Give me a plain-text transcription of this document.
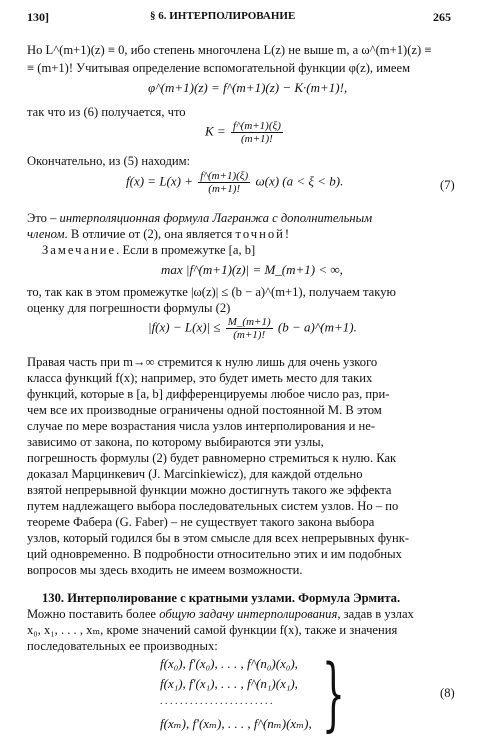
130]	§ 6. ИНТЕРПОЛИРОВАНИЕ	265
Но L^(m+1)(z) ≡ 0, ибо степень многочлена L(z) не выше m, а ω^(m+1)(z) ≡
≡ (m+1)! Учитывая определение вспомогательной функции φ(z), имеем
φ^(m+1)(z) = f^(m+1)(z) − K·(m+1)!,
так что из (6) получается, что
$K = \frac{f\^{}(m+1)(\xi)}{(m+1)!}$
Окончательно, из (5) находим:
$f(x) = L(x) + \frac{f\^{}(m+1)(\xi)}{(m+1)!} \omega(x) (a < \xi < b)$.	(7)
Это – интерполяционная формула Лагранжа с дополнительным
членом. В отличие от (2), она является точной!
Замечание. Если в промежутке [a, b]
max |f^(m+1)(z)| = M_(m+1) < ∞,
то, так как в этом промежутке |ω(z)| ≤ (b − a)^(m+1), получаем такую
оценку для погрешности формулы (2)
$|f(x) - L(x)| \le \frac{M\_(m+1)}{(m+1)!} (b$ − a)^(m+1).
Правая часть при m→∞ стремится к нулю лишь для очень узкого
класса функций f(x); например, это будет иметь место для таких
функций, которые в [a, b] дифференцируемы любое число раз, при-
чем все их производные ограничены одной постоянной M. В этом
случае по мере возрастания числа узлов интерполирования и не-
зависимо от закона, по которому выбираются эти узлы,
погрешность формулы (2) будет равномерно стремиться к нулю. Как
доказал Марцинкевич (J. Marcinkiewicz), для каждой отдельно
взятой непрерывной функции можно достигнуть такого же эффекта
путем надлежащего выбора последовательных систем узлов. Но – по
теореме Фабера (G. Faber) – не существует такого закона выбора
узлов, который годился бы в этом смысле для всех непрерывных функ-
ций одновременно. В подробности относительно этих и им подобных
вопросов мы здесь входить не имеем возможности.
130. Интерполирование с кратными узлами. Формула Эрмита.
Можно поставить более общую задачу интерполирования, задав в узлах
x₀, x₁, . . . , xₘ, кроме значений самой функции f(x), также и значения
последовательных ее производных:
f(x₀), f′(x₀), . . . , f^(n₀)(x₀),
f(x₁), f′(x₁), . . . , f^(n₁)(x₁),
. . . . . . . . . . . . . . . . . . . . . . .
f(xₘ), f′(xₘ), . . . , f^(nₘ)(xₘ), }	(8)
